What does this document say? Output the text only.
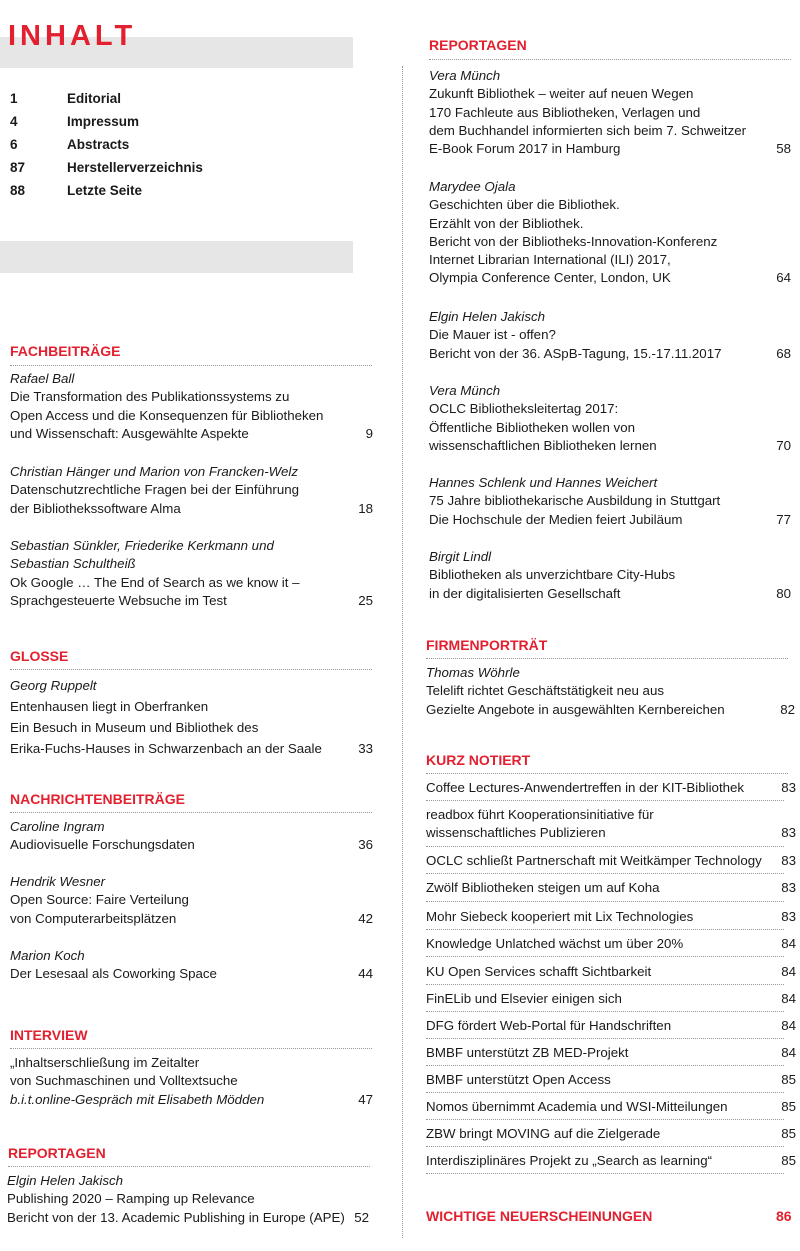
INHALT
1	Editorial
4	Impressum
6	Abstracts
87	Herstellerverzeichnis
88	Letzte Seite
FACHBEITRÄGE
Rafael Ball
Die Transformation des Publikationssystems zu
Open Access und die Konsequenzen für Bibliotheken
und Wissenschaft: Ausgewählte Aspekte	9
Christian Hänger und Marion von Francken-Welz
Datenschutzrechtliche Fragen bei der Einführung
der Bibliothekssoftware Alma	18
Sebastian Sünkler, Friederike Kerkmann und
Sebastian Schultheiß
Ok Google … The End of Search as we know it –
Sprachgesteuerte Websuche im Test	25
GLOSSE
Georg Ruppelt
Entenhausen liegt in Oberfranken
Ein Besuch in Museum und Bibliothek des
Erika-Fuchs-Hauses in Schwarzenbach an der Saale	33
NACHRICHTENBEITRÄGE
Caroline Ingram
Audiovisuelle Forschungsdaten	36
Hendrik Wesner
Open Source: Faire Verteilung
von Computerarbeitsplätzen	42
Marion Koch
Der Lesesaal als Coworking Space	44
INTERVIEW
„Inhaltserschließung im Zeitalter
von Suchmaschinen und Volltextsuche
b.i.t.online-Gespräch mit Elisabeth Mödden	47
REPORTAGEN
Elgin Helen Jakisch
Publishing 2020 – Ramping up Relevance
Bericht von der 13. Academic Publishing in Europe (APE) 52
REPORTAGEN
Vera Münch
Zukunft Bibliothek – weiter auf neuen Wegen
170 Fachleute aus Bibliotheken, Verlagen und
dem Buchhandel informierten sich beim 7. Schweitzer
E-Book Forum 2017 in Hamburg	58
Marydee Ojala
Geschichten über die Bibliothek.
Erzählt von der Bibliothek.
Bericht von der Bibliotheks-Innovation-Konferenz
Internet Librarian International (ILI) 2017,
Olympia Conference Center, London, UK	64
Elgin Helen Jakisch
Die Mauer ist - offen?
Bericht von der 36. ASpB-Tagung, 15.-17.11.2017	68
Vera Münch
OCLC Bibliotheksleitertag 2017:
Öffentliche Bibliotheken wollen von
wissenschaftlichen Bibliotheken lernen	70
Hannes Schlenk und Hannes Weichert
75 Jahre bibliothekarische Ausbildung in Stuttgart
Die Hochschule der Medien feiert Jubiläum	77
Birgit Lindl
Bibliotheken als unverzichtbare City-Hubs
in der digitalisierten Gesellschaft	80
FIRMENPORTRÄT
Thomas Wöhrle
Telelift richtet Geschäftstätigkeit neu aus
Gezielte Angebote in ausgewählten Kernbereichen	82
KURZ NOTIERT
Coffee Lectures-Anwendertreffen in der KIT-Bibliothek	83
readbox führt Kooperationsinitiative für
wissenschaftliches Publizieren	83
OCLC schließt Partnerschaft mit Weitkämper Technology	83
Zwölf Bibliotheken steigen um auf Koha	83
Mohr Siebeck kooperiert mit Lix Technologies	83
Knowledge Unlatched wächst um über 20%	84
KU Open Services schafft Sichtbarkeit	84
FinELib und Elsevier einigen sich	84
DFG fördert Web-Portal für Handschriften	84
BMBF unterstützt ZB MED-Projekt	84
BMBF unterstützt Open Access	85
Nomos übernimmt Academia und WSI-Mitteilungen	85
ZBW bringt MOVING auf die Zielgerade	85
Interdisziplinäres Projekt zu „Search as learning“	85
WICHTIGE NEUERSCHEINUNGEN	86
